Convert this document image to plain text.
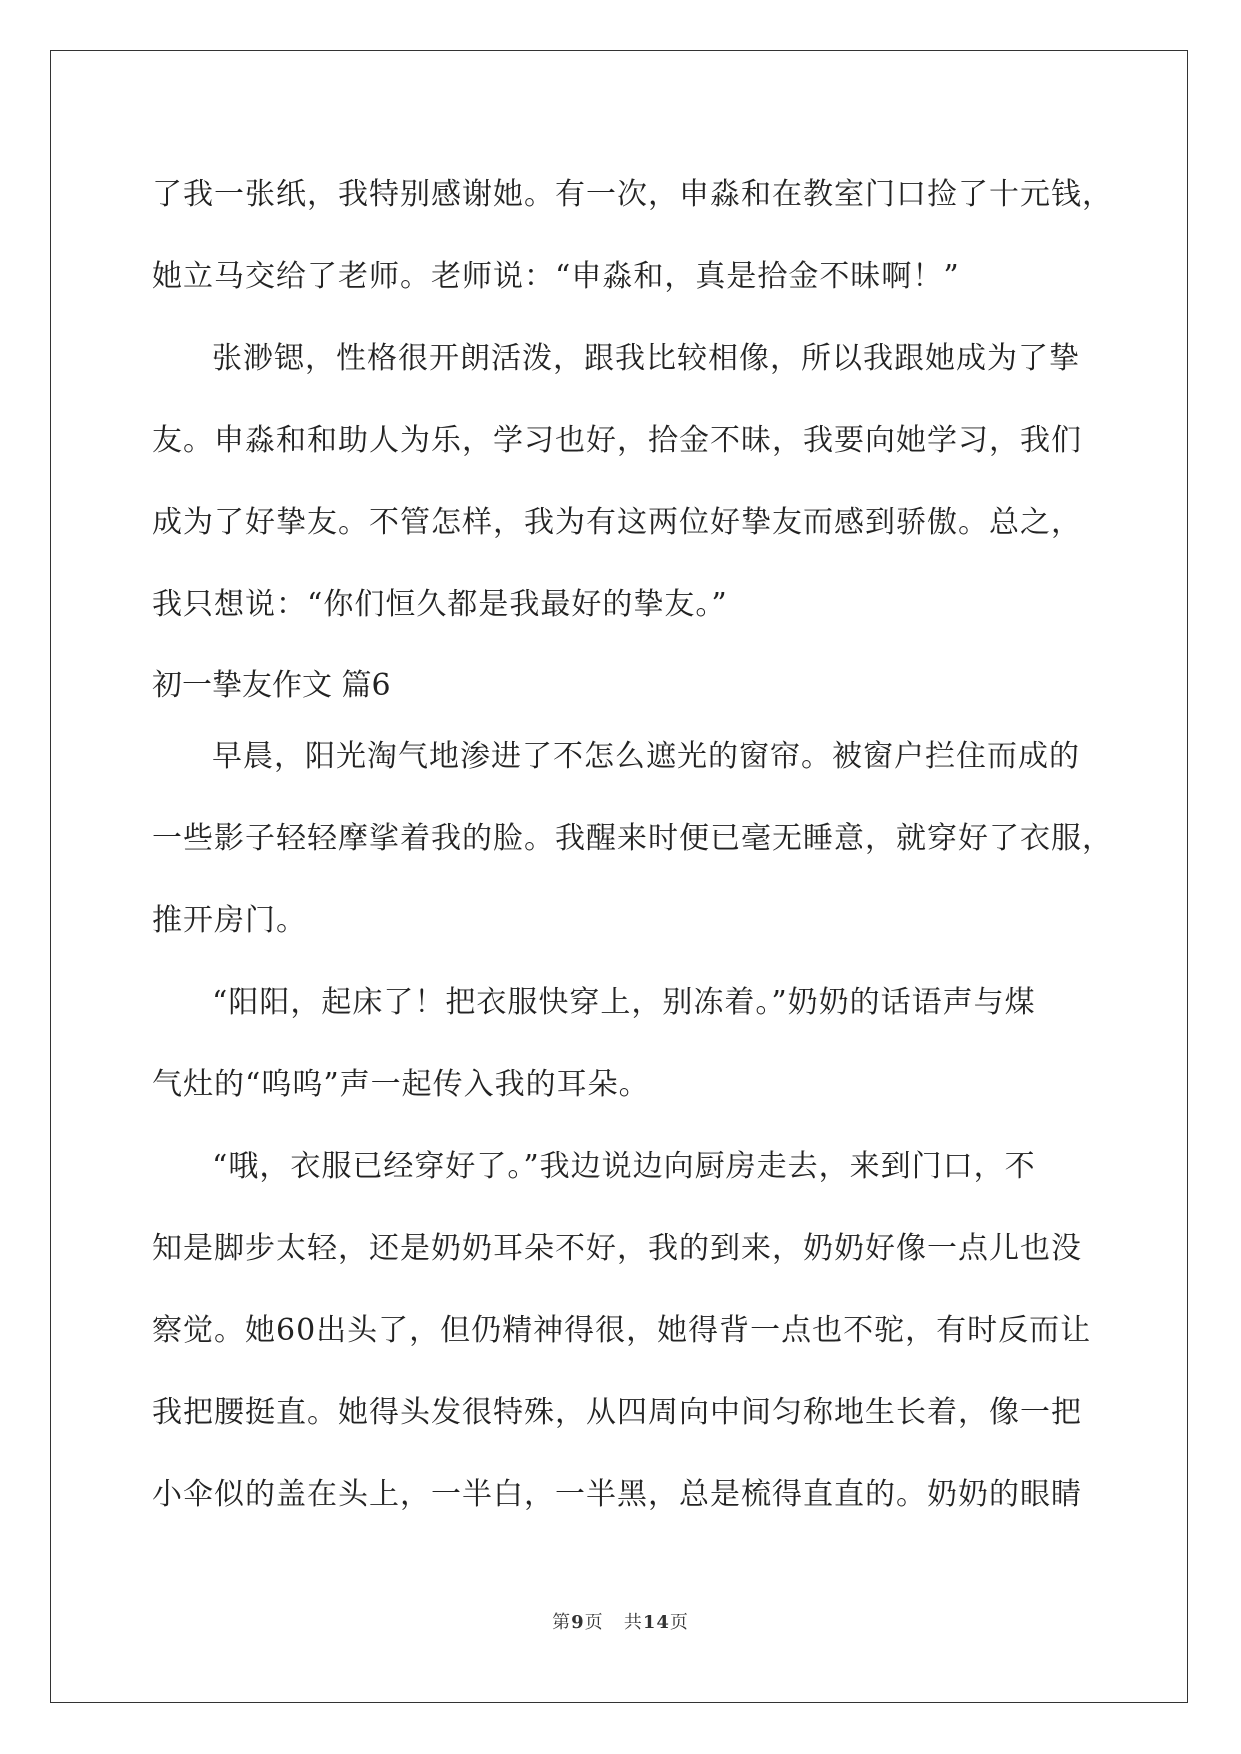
了我一张纸，我特别感谢她。有一次，申淼和在教室门口捡了十元钱，
她立马交给了老师。老师说：“申淼和，真是拾金不昧啊！”
张渺锶，性格很开朗活泼，跟我比较相像，所以我跟她成为了挚
友。申淼和和助人为乐，学习也好，拾金不昧，我要向她学习，我们
成为了好挚友。不管怎样，我为有这两位好挚友而感到骄傲。总之，
我只想说：“你们恒久都是我最好的挚友。”
初一挚友作文 篇6
早晨，阳光淘气地渗进了不怎么遮光的窗帘。被窗户拦住而成的
一些影子轻轻摩挲着我的脸。我醒来时便已毫无睡意，就穿好了衣服，
推开房门。
“阳阳，起床了！把衣服快穿上，别冻着。”奶奶的话语声与煤
气灶的“呜呜”声一起传入我的耳朵。
“哦，衣服已经穿好了。”我边说边向厨房走去，来到门口，不
知是脚步太轻，还是奶奶耳朵不好，我的到来，奶奶好像一点儿也没
察觉。她60出头了，但仍精神得很，她得背一点也不驼，有时反而让
我把腰挺直。她得头发很特殊，从四周向中间匀称地生长着，像一把
小伞似的盖在头上，一半白，一半黑，总是梳得直直的。奶奶的眼睛
第9页 共14页
